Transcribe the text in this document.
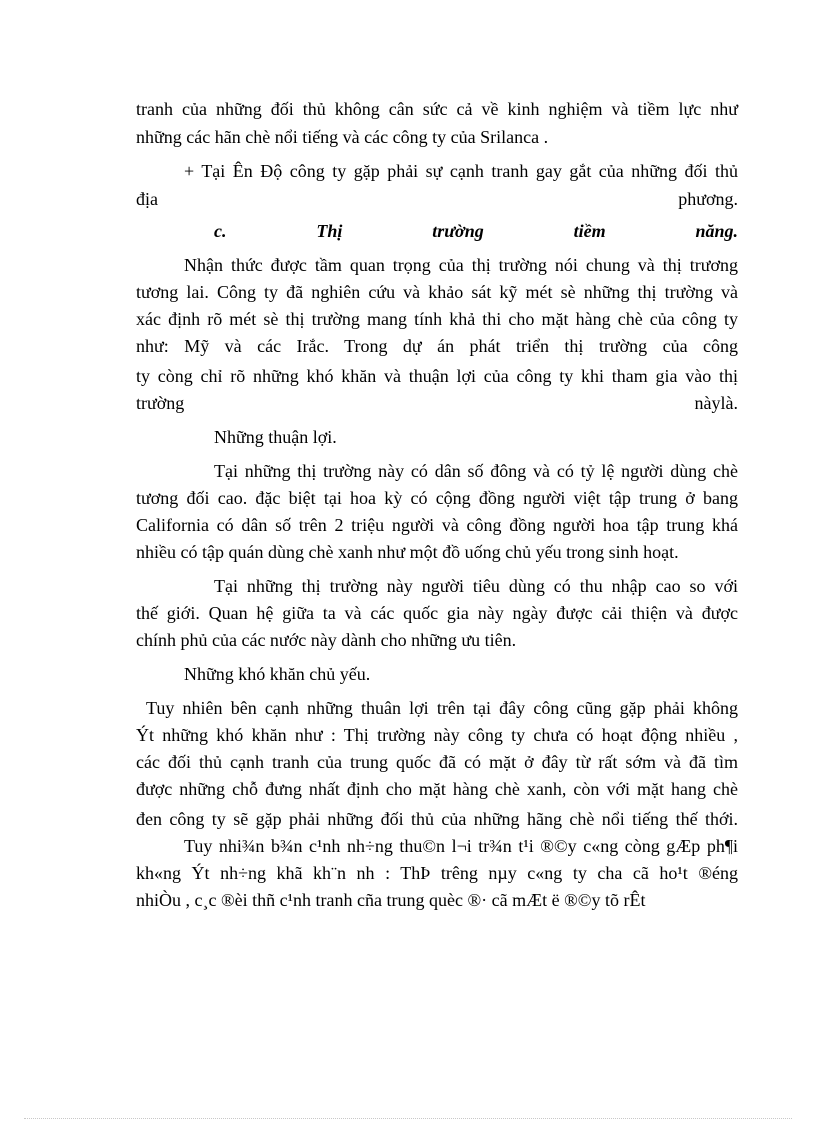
tranh của những đối thủ không cân sức cả về kinh nghiệm và tiềm lực như
những các hãn chè nổi tiếng và các công ty của Srilanca .
+ Tại Ên Độ công ty gặp phải sự cạnh tranh gay gắt của những đối thủ
địa phương.
c. Thị trường tiềm năng.
Nhận thức được tầm quan trọng của thị trường nói chung và thị trương
tương lai. Công ty đã nghiên cứu và khảo sát kỹ mét sè những thị trường và
xác định rõ mét sè thị trường mang tính khả thi cho mặt hàng chè của công ty
như: Mỹ và các Irắc. Trong dự án phát triển thị trường của công
ty còng chỉ rõ những khó khăn và thuận lợi của công ty khi tham gia vào thị
trường nàylà.
Những thuận lợi.
Tại những thị trường này có dân số đông và có tỷ lệ người dùng chè
tương đối cao. đặc biệt tại hoa kỳ có cộng đồng người việt tập trung ở bang
California có dân số trên 2 triệu người và công đồng người hoa tập trung khá
nhiều có tập quán dùng chè xanh như một đồ uống chủ yếu trong sinh hoạt.
Tại những thị trường này người tiêu dùng có thu nhập cao so với
thế giới. Quan hệ giữa ta và các quốc gia này ngày được cải thiện và được
chính phủ của các nước này dành cho những ưu tiên.
Những khó khăn chủ yếu.
Tuy nhiên bên cạnh những thuân lợi trên tại đây công cũng gặp phải không
Ýt những khó khăn như : Thị trường này công ty chưa có hoạt động nhiều ,
các đối thủ cạnh tranh của trung quốc đã có mặt ở đây từ rất sớm và đã tìm
được những chỗ đưng nhất định cho mặt hàng chè xanh, còn với mặt hang chè
đen công ty sẽ gặp phải những đối thủ của những hãng chè nổi tiếng thế thới.
Tuy nhi¾n b¾n c¹nh nh÷ng thu©n l¬i tr¾n t¹i ®©y c«ng còng gÆp ph¶i
kh«ng Ýt nh÷ng khã kh¨n nh : ThÞ trêng nµy c«ng ty cha cã ho¹t ®éng
nhiÒu , c¸c ®èi thñ c¹nh tranh cña trung quèc ®· cã mÆt ë ®©y tõ rÊt
